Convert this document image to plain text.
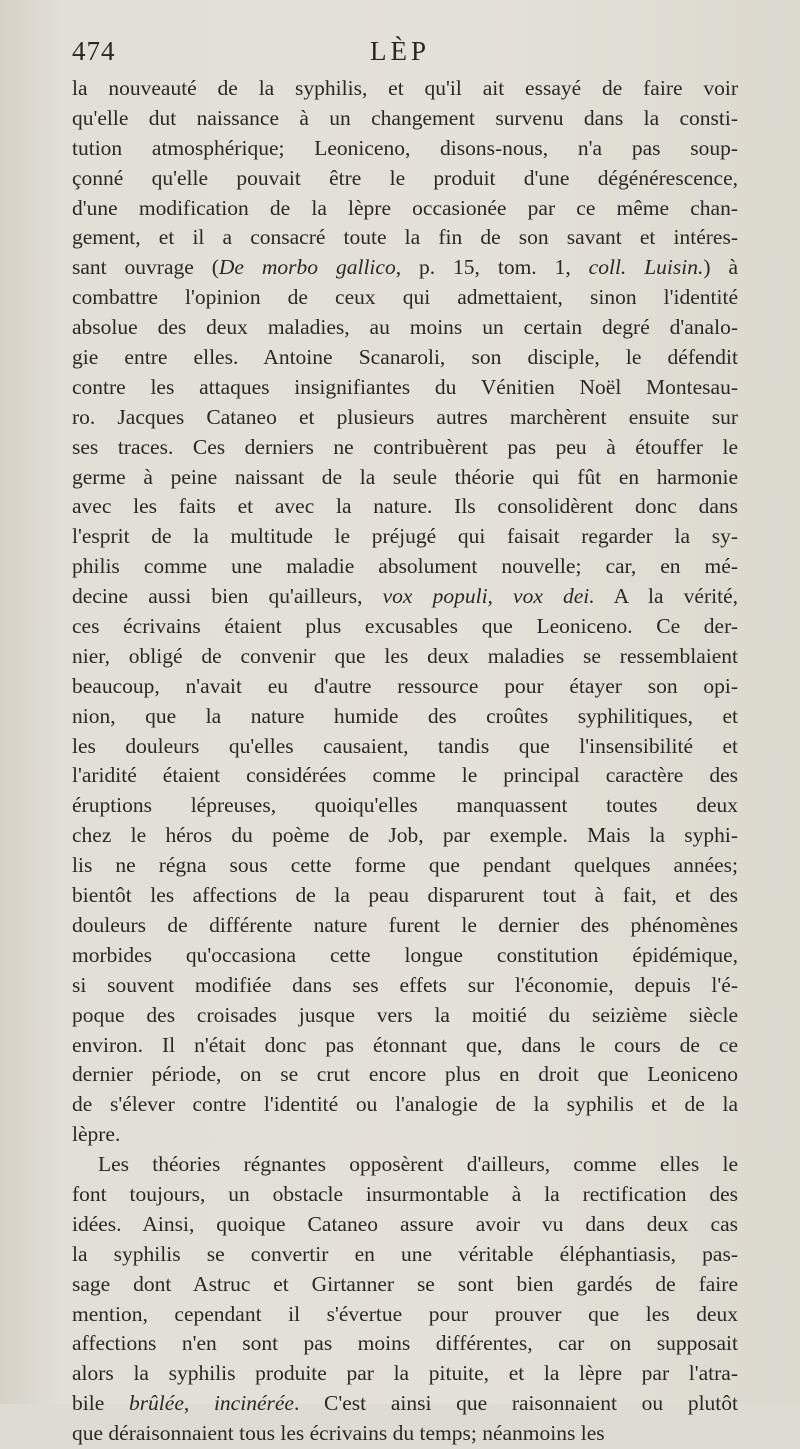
474	LÈP
la nouveauté de la syphilis, et qu'il ait essayé de faire voir
qu'elle dut naissance à un changement survenu dans la consti-
tution atmosphérique; Leoniceno, disons-nous, n'a pas soup-
çonné qu'elle pouvait être le produit d'une dégénérescence,
d'une modification de la lèpre occasionée par ce même chan-
gement, et il a consacré toute la fin de son savant et intéres-
sant ouvrage (De morbo gallico, p. 15, tom. 1, coll. Luisin.) à
combattre l'opinion de ceux qui admettaient, sinon l'identité
absolue des deux maladies, au moins un certain degré d'analo-
gie entre elles. Antoine Scanaroli, son disciple, le défendit
contre les attaques insignifiantes du Vénitien Noël Montesau-
ro. Jacques Cataneo et plusieurs autres marchèrent ensuite sur
ses traces. Ces derniers ne contribuèrent pas peu à étouffer le
germe à peine naissant de la seule théorie qui fût en harmonie
avec les faits et avec la nature. Ils consolidèrent donc dans
l'esprit de la multitude le préjugé qui faisait regarder la sy-
philis comme une maladie absolument nouvelle; car, en mé-
decine aussi bien qu'ailleurs, vox populi, vox dei. A la vérité,
ces écrivains étaient plus excusables que Leoniceno. Ce der-
nier, obligé de convenir que les deux maladies se ressemblaient
beaucoup, n'avait eu d'autre ressource pour étayer son opi-
nion, que la nature humide des croûtes syphilitiques, et
les douleurs qu'elles causaient, tandis que l'insensibilité et
l'aridité étaient considérées comme le principal caractère des
éruptions lépreuses, quoiqu'elles manquassent toutes deux
chez le héros du poème de Job, par exemple. Mais la syphi-
lis ne régna sous cette forme que pendant quelques années;
bientôt les affections de la peau disparurent tout à fait, et des
douleurs de différente nature furent le dernier des phénomènes
morbides qu'occasiona cette longue constitution épidémique,
si souvent modifiée dans ses effets sur l'économie, depuis l'é-
poque des croisades jusque vers la moitié du seizième siècle
environ. Il n'était donc pas étonnant que, dans le cours de ce
dernier période, on se crut encore plus en droit que Leoniceno
de s'élever contre l'identité ou l'analogie de la syphilis et de la
lèpre.
Les théories régnantes opposèrent d'ailleurs, comme elles le
font toujours, un obstacle insurmontable à la rectification des
idées. Ainsi, quoique Cataneo assure avoir vu dans deux cas
la syphilis se convertir en une véritable éléphantiasis, pas-
sage dont Astruc et Girtanner se sont bien gardés de faire
mention, cependant il s'évertue pour prouver que les deux
affections n'en sont pas moins différentes, car on supposait
alors la syphilis produite par la pituite, et la lèpre par l'atra-
bile brûlée, incinérée. C'est ainsi que raisonnaient ou plutôt
que déraisonnaient tous les écrivains du temps; néanmoins les
